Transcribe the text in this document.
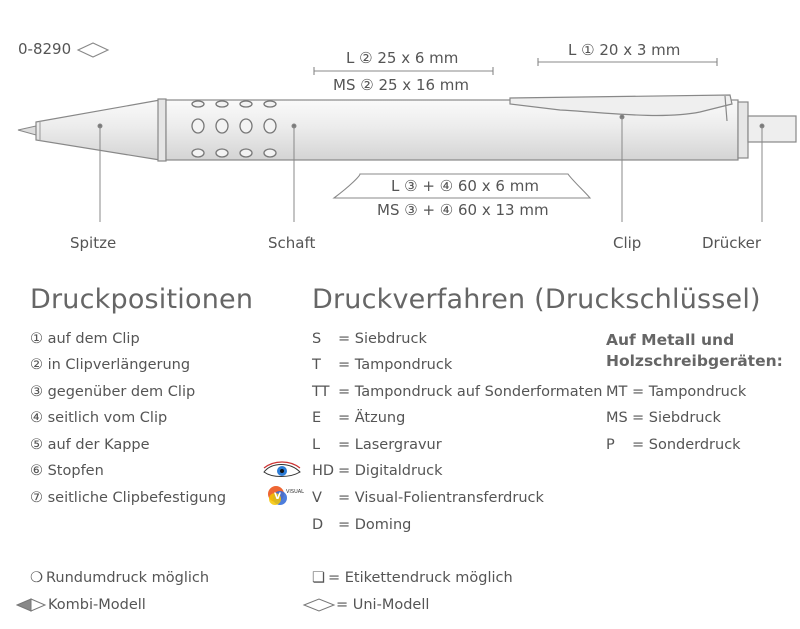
0-8290	L ② 25 x 6 mm
MS ② 25 x 16 mm
L ① 20 x 3 mm
L ③ + ④ 60 x 6 mm
MS ③ + ④ 60 x 13 mm
Spitze	Schaft	Clip	Drücker
Druckpositionen
① auf dem Clip
② in Clipverlängerung
③ gegenüber dem Clip
④ seitlich vom Clip
⑤ auf der Kappe
⑥ Stopfen
⑦ seitliche Clipbefestigung
Druckverfahren (Druckschlüssel)
S = Siebdruck
T = Tampondruck
TT = Tampondruck auf Sonderformaten
E = Ätzung
L = Lasergravur
HD = Digitaldruck
V = Visual-Folientransferdruck
D = Doming
V VISUAL
Auf Metall und
Holzschreibgeräten:
MT = Tampondruck
MS = Siebdruck
P = Sonderdruck
❍ Rundumdruck möglich
Kombi-Modell
❏ = Etikettendruck möglich
= Uni-Modell
